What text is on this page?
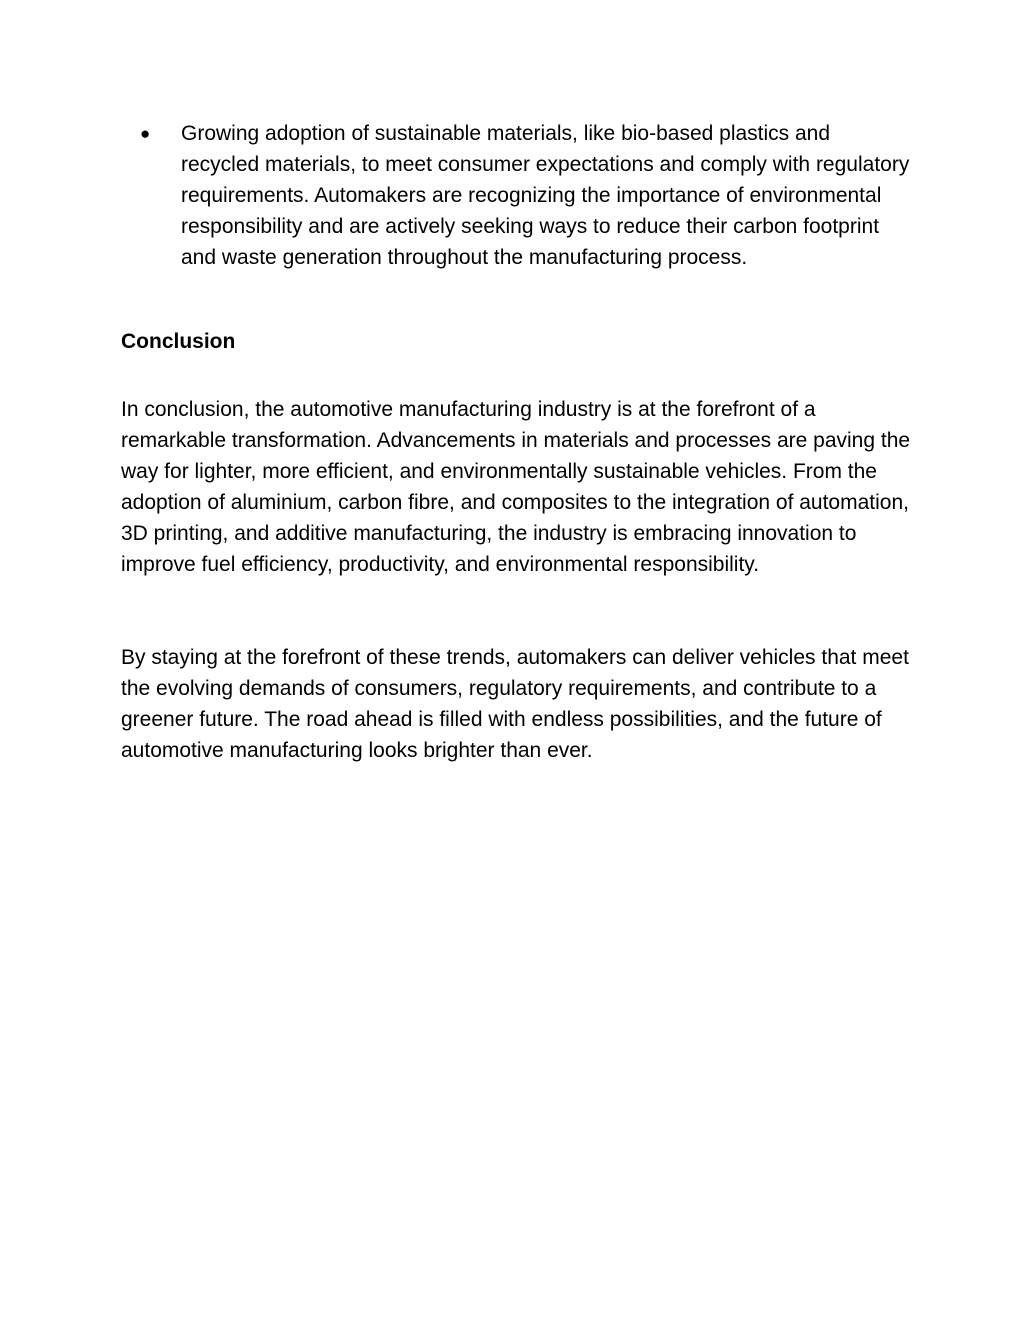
● Growing adoption of sustainable materials, like bio-based plastics and recycled materials, to meet consumer expectations and comply with regulatory requirements. Automakers are recognizing the importance of environmental responsibility and are actively seeking ways to reduce their carbon footprint and waste generation throughout the manufacturing process.

Conclusion

In conclusion, the automotive manufacturing industry is at the forefront of a remarkable transformation. Advancements in materials and processes are paving the way for lighter, more efficient, and environmentally sustainable vehicles. From the adoption of aluminium, carbon fibre, and composites to the integration of automation, 3D printing, and additive manufacturing, the industry is embracing innovation to improve fuel efficiency, productivity, and environmental responsibility.

By staying at the forefront of these trends, automakers can deliver vehicles that meet the evolving demands of consumers, regulatory requirements, and contribute to a greener future. The road ahead is filled with endless possibilities, and the future of automotive manufacturing looks brighter than ever.
